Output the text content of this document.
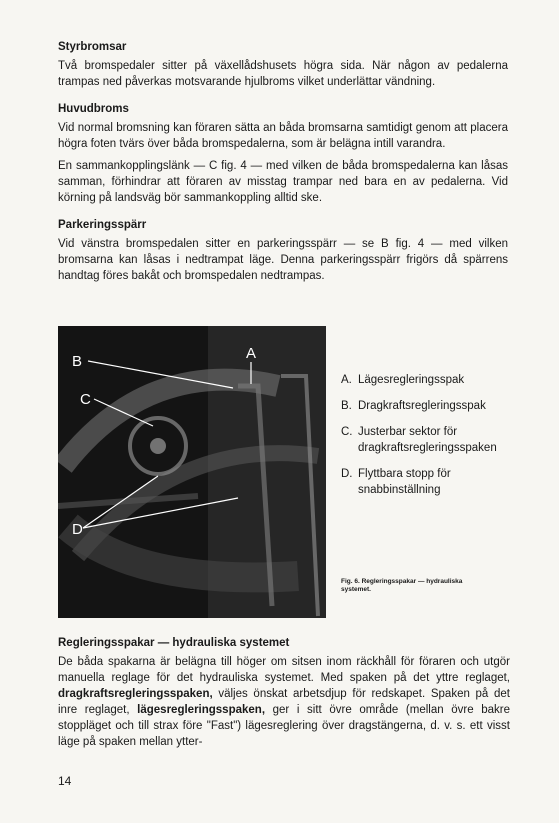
Styrbromsar

Två bromspedaler sitter på växellådshusets högra sida. När någon av pedalerna trampas ned påverkas motsvarande hjulbroms vilket underlättar vändning.

Huvudbroms

Vid normal bromsning kan föraren sätta an båda bromsarna samtidigt genom att placera högra foten tvärs över båda bromspedalerna, som är belägna intill varandra.

En sammankopplingslänk — C fig. 4 — med vilken de båda bromspedalerna kan låsas samman, förhindrar att föraren av misstag trampar ned bara en av pedalerna. Vid körning på landsväg bör sammankoppling alltid ske.

Parkeringsspärr

Vid vänstra bromspedalen sitter en parkeringsspärr — se B fig. 4 — med vilken bromsarna kan låsas i nedtrampat läge. Denna parkeringsspärr frigörs då spärrens handtag föres bakåt och bromspedalen nedtrampas.

A
B
C
D
A. Lägesregleringsspak
B. Dragkraftsregleringsspak
C. Justerbar sektor för dragkraftsregleringsspaken
D. Flyttbara stopp för snabbinställning
Fig. 6. Regleringsspakar — hydrauliska systemet.
Regleringsspakar — hydrauliska systemet

De båda spakarna är belägna till höger om sitsen inom räckhåll för föraren och utgör manuella reglage för det hydrauliska systemet. Med spaken på det yttre reglaget, dragkraftsregleringsspaken, väljes önskat arbetsdjup för redskapet. Spaken på det inre reglaget, lägesregleringsspaken, ger i sitt övre område (mellan övre bakre stoppläget och till strax före "Fast") lägesreglering över dragstängerna, d. v. s. ett visst läge på spaken mellan ytter-

14
